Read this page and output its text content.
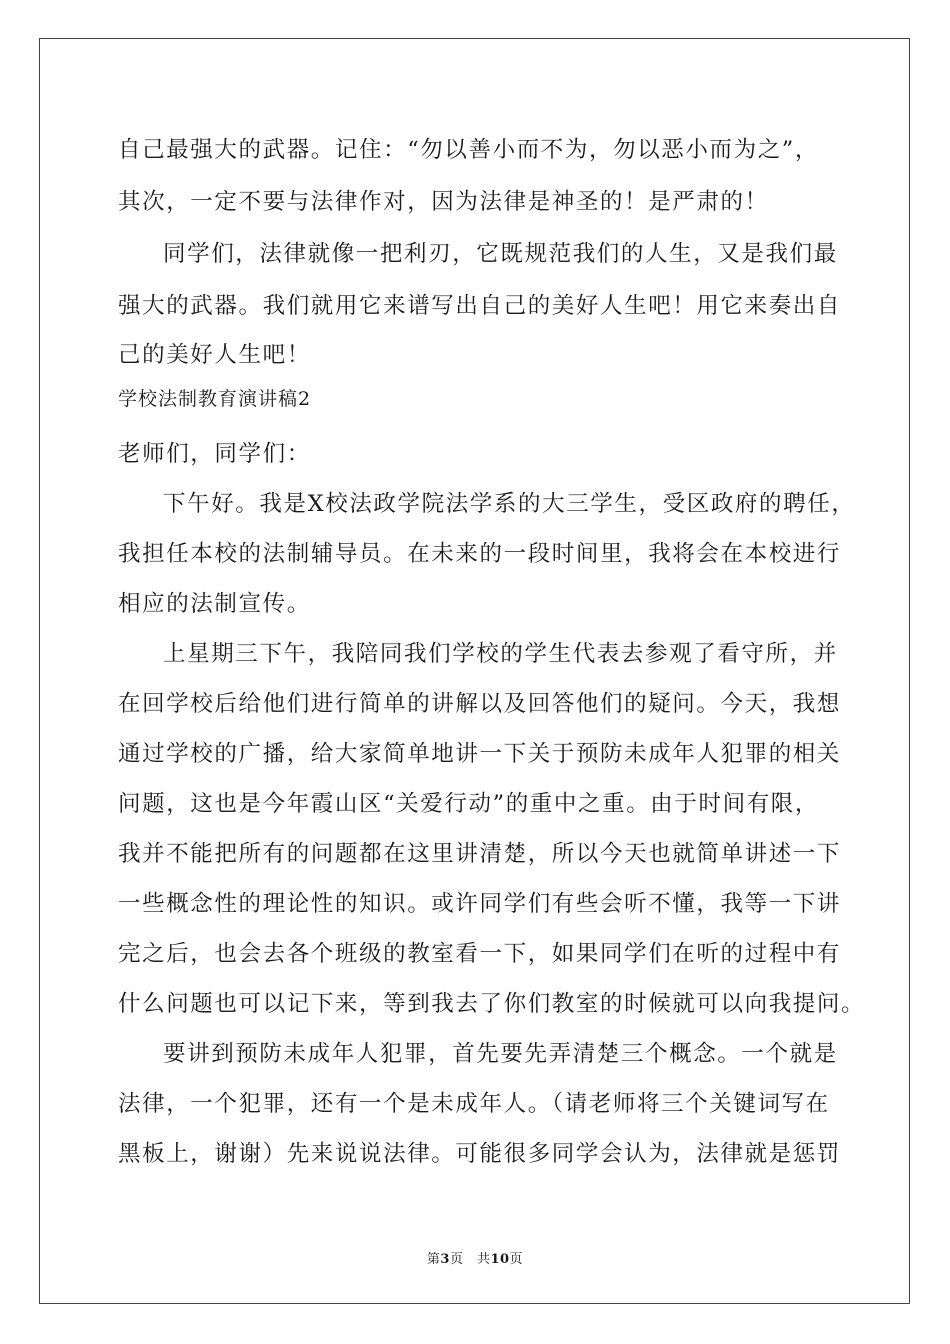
自己最强大的武器。记住：“勿以善小而不为，勿以恶小而为之”，
其次，一定不要与法律作对，因为法律是神圣的！是严肃的！
同学们，法律就像一把利刃，它既规范我们的人生，又是我们最
强大的武器。我们就用它来谱写出自己的美好人生吧！用它来奏出自
己的美好人生吧！
学校法制教育演讲稿2
老师们，同学们：
下午好。我是X校法政学院法学系的大三学生，受区政府的聘任，
我担任本校的法制辅导员。在未来的一段时间里，我将会在本校进行
相应的法制宣传。
上星期三下午，我陪同我们学校的学生代表去参观了看守所，并
在回学校后给他们进行简单的讲解以及回答他们的疑问。今天，我想
通过学校的广播，给大家简单地讲一下关于预防未成年人犯罪的相关
问题，这也是今年霞山区“关爱行动”的重中之重。由于时间有限，
我并不能把所有的问题都在这里讲清楚，所以今天也就简单讲述一下
一些概念性的理论性的知识。或许同学们有些会听不懂，我等一下讲
完之后，也会去各个班级的教室看一下，如果同学们在听的过程中有
什么问题也可以记下来，等到我去了你们教室的时候就可以向我提问。
要讲到预防未成年人犯罪，首先要先弄清楚三个概念。一个就是
法律，一个犯罪，还有一个是未成年人。（请老师将三个关键词写在
黑板上，谢谢）先来说说法律。可能很多同学会认为，法律就是惩罚
第3页　共10页
